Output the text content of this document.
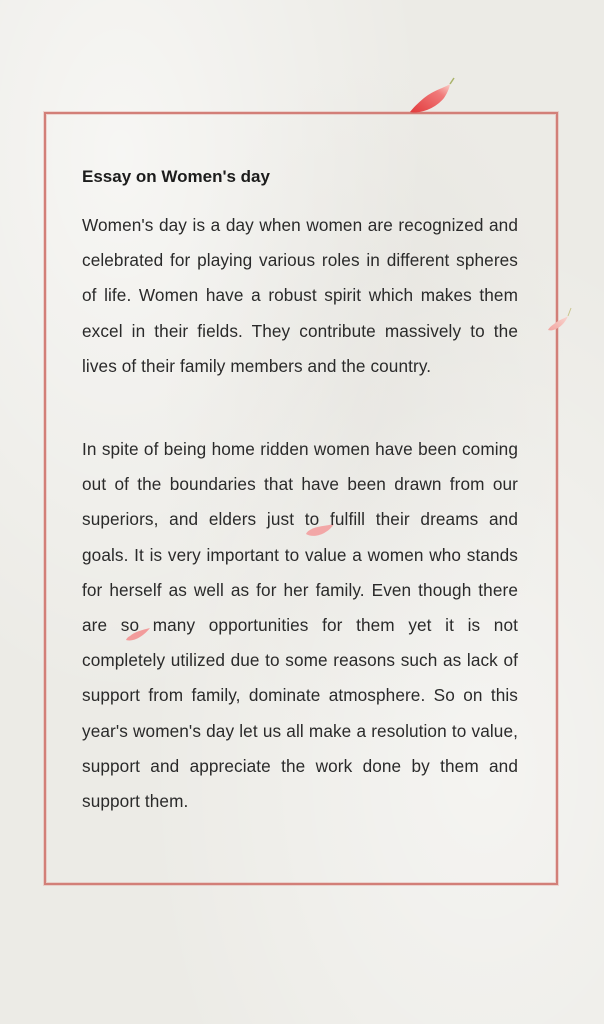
Essay on Women's day

Women's day is a day when women are recognized and celebrated for playing various roles in different spheres of life. Women have a robust spirit which makes them excel in their fields. They contribute massively to the lives of their family members and the country.

In spite of being home ridden women have been coming out of the boundaries that have been drawn from our superiors, and elders just to fulfill their dreams and goals. It is very important to value a women who stands for herself as well as for her family. Even though there are so many opportunities for them yet it is not completely utilized due to some reasons such as lack of support from family, dominate atmosphere. So on this year's women's day let us all make a resolution to value, support and appreciate the work done by them and support them.
